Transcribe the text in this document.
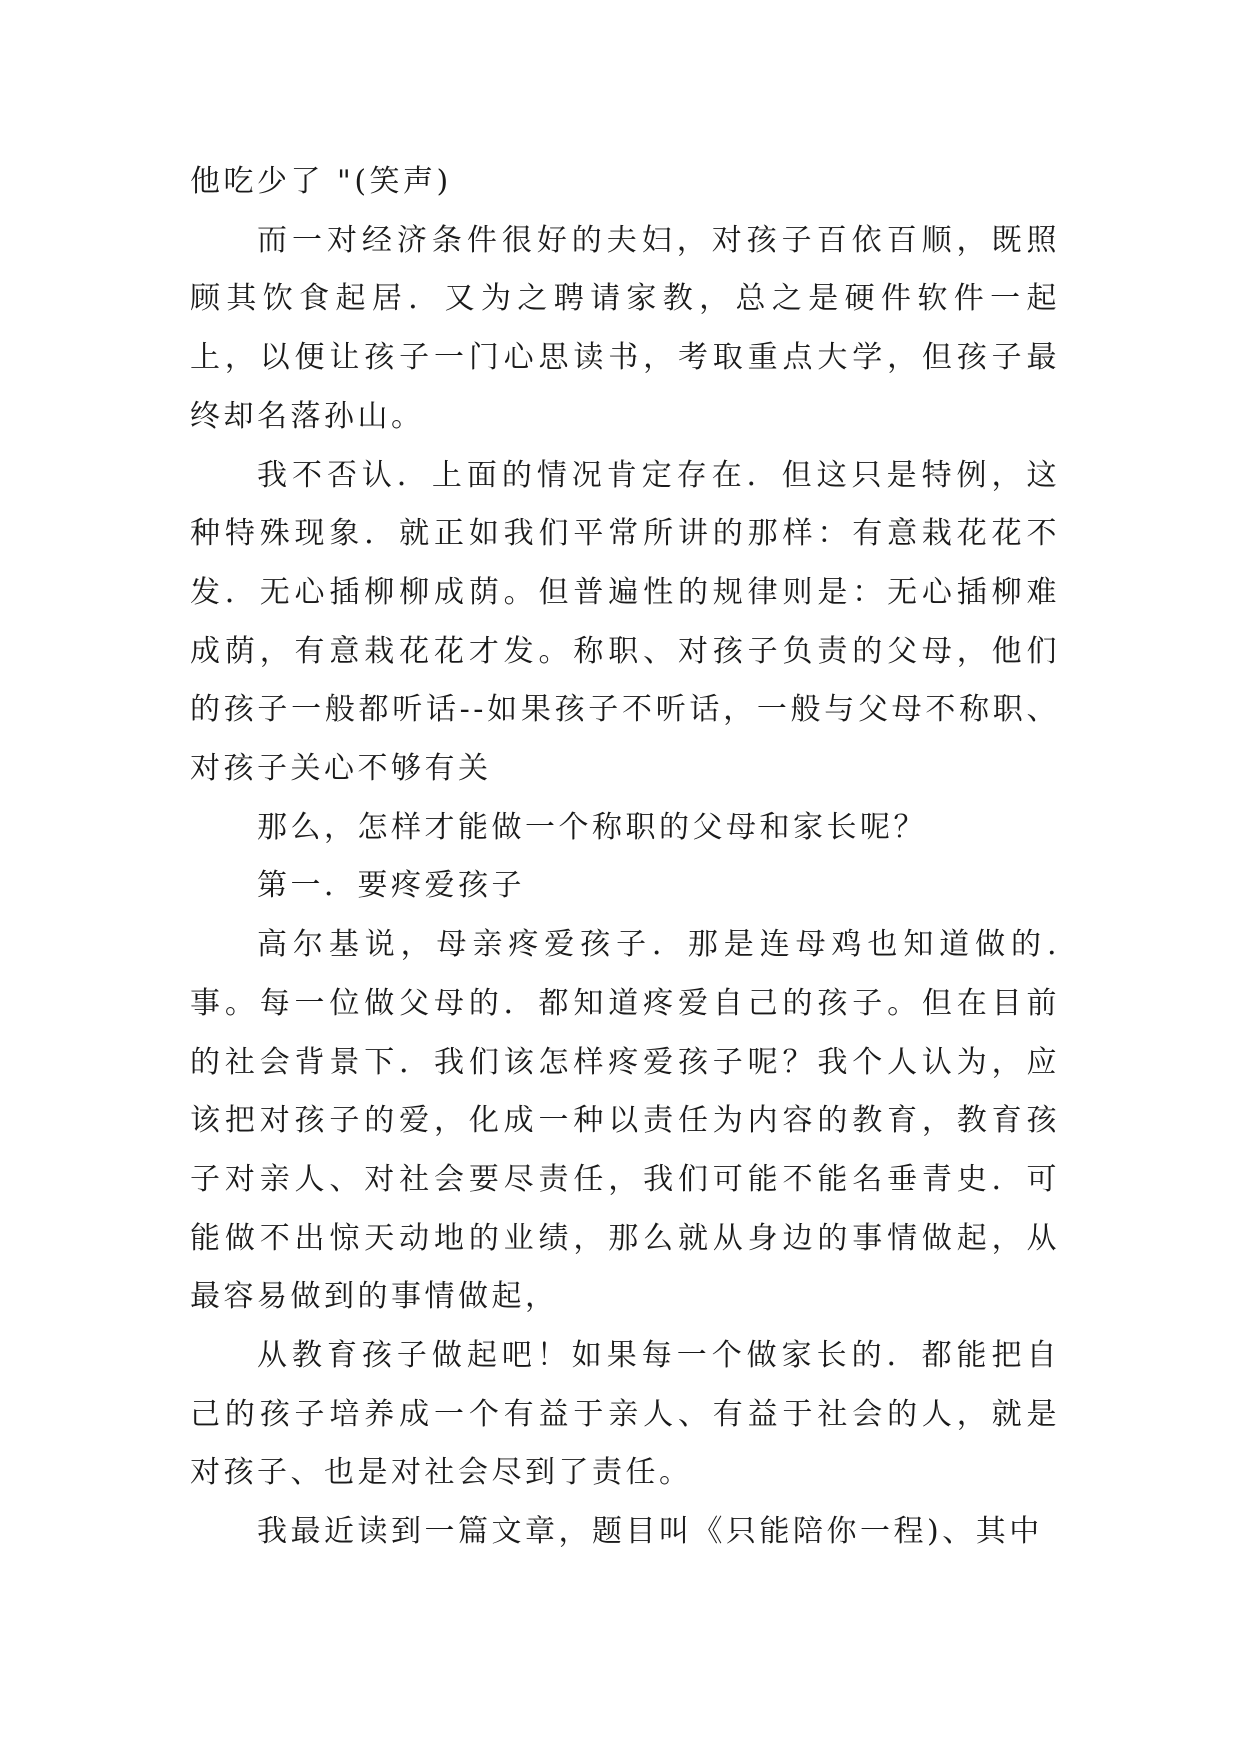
他吃少了 "(笑声)

而一对经济条件很好的夫妇，对孩子百依百顺，既照顾其饮食起居．又为之聘请家教，总之是硬件软件一起上，以便让孩子一门心思读书，考取重点大学，但孩子最终却名落孙山。

我不否认．上面的情况肯定存在．但这只是特例，这种特殊现象．就正如我们平常所讲的那样：有意栽花花不发．无心插柳柳成荫。但普遍性的规律则是：无心插柳难成荫，有意栽花花才发。称职、对孩子负责的父母，他们的孩子一般都听话--如果孩子不听话，一般与父母不称职、对孩子关心不够有关

那么，怎样才能做一个称职的父母和家长呢？

第一．要疼爱孩子

高尔基说，母亲疼爱孩子．那是连母鸡也知道做的.事。每一位做父母的．都知道疼爱自己的孩子。但在目前的社会背景下．我们该怎样疼爱孩子呢？我个人认为，应该把对孩子的爱，化成一种以责任为内容的教育，教育孩子对亲人、对社会要尽责任，我们可能不能名垂青史．可能做不出惊天动地的业绩，那么就从身边的事情做起，从最容易做到的事情做起，

从教育孩子做起吧！如果每一个做家长的．都能把自己的孩子培养成一个有益于亲人、有益于社会的人，就是对孩子、也是对社会尽到了责任。

我最近读到一篇文章，题目叫《只能陪你一程)、其中
